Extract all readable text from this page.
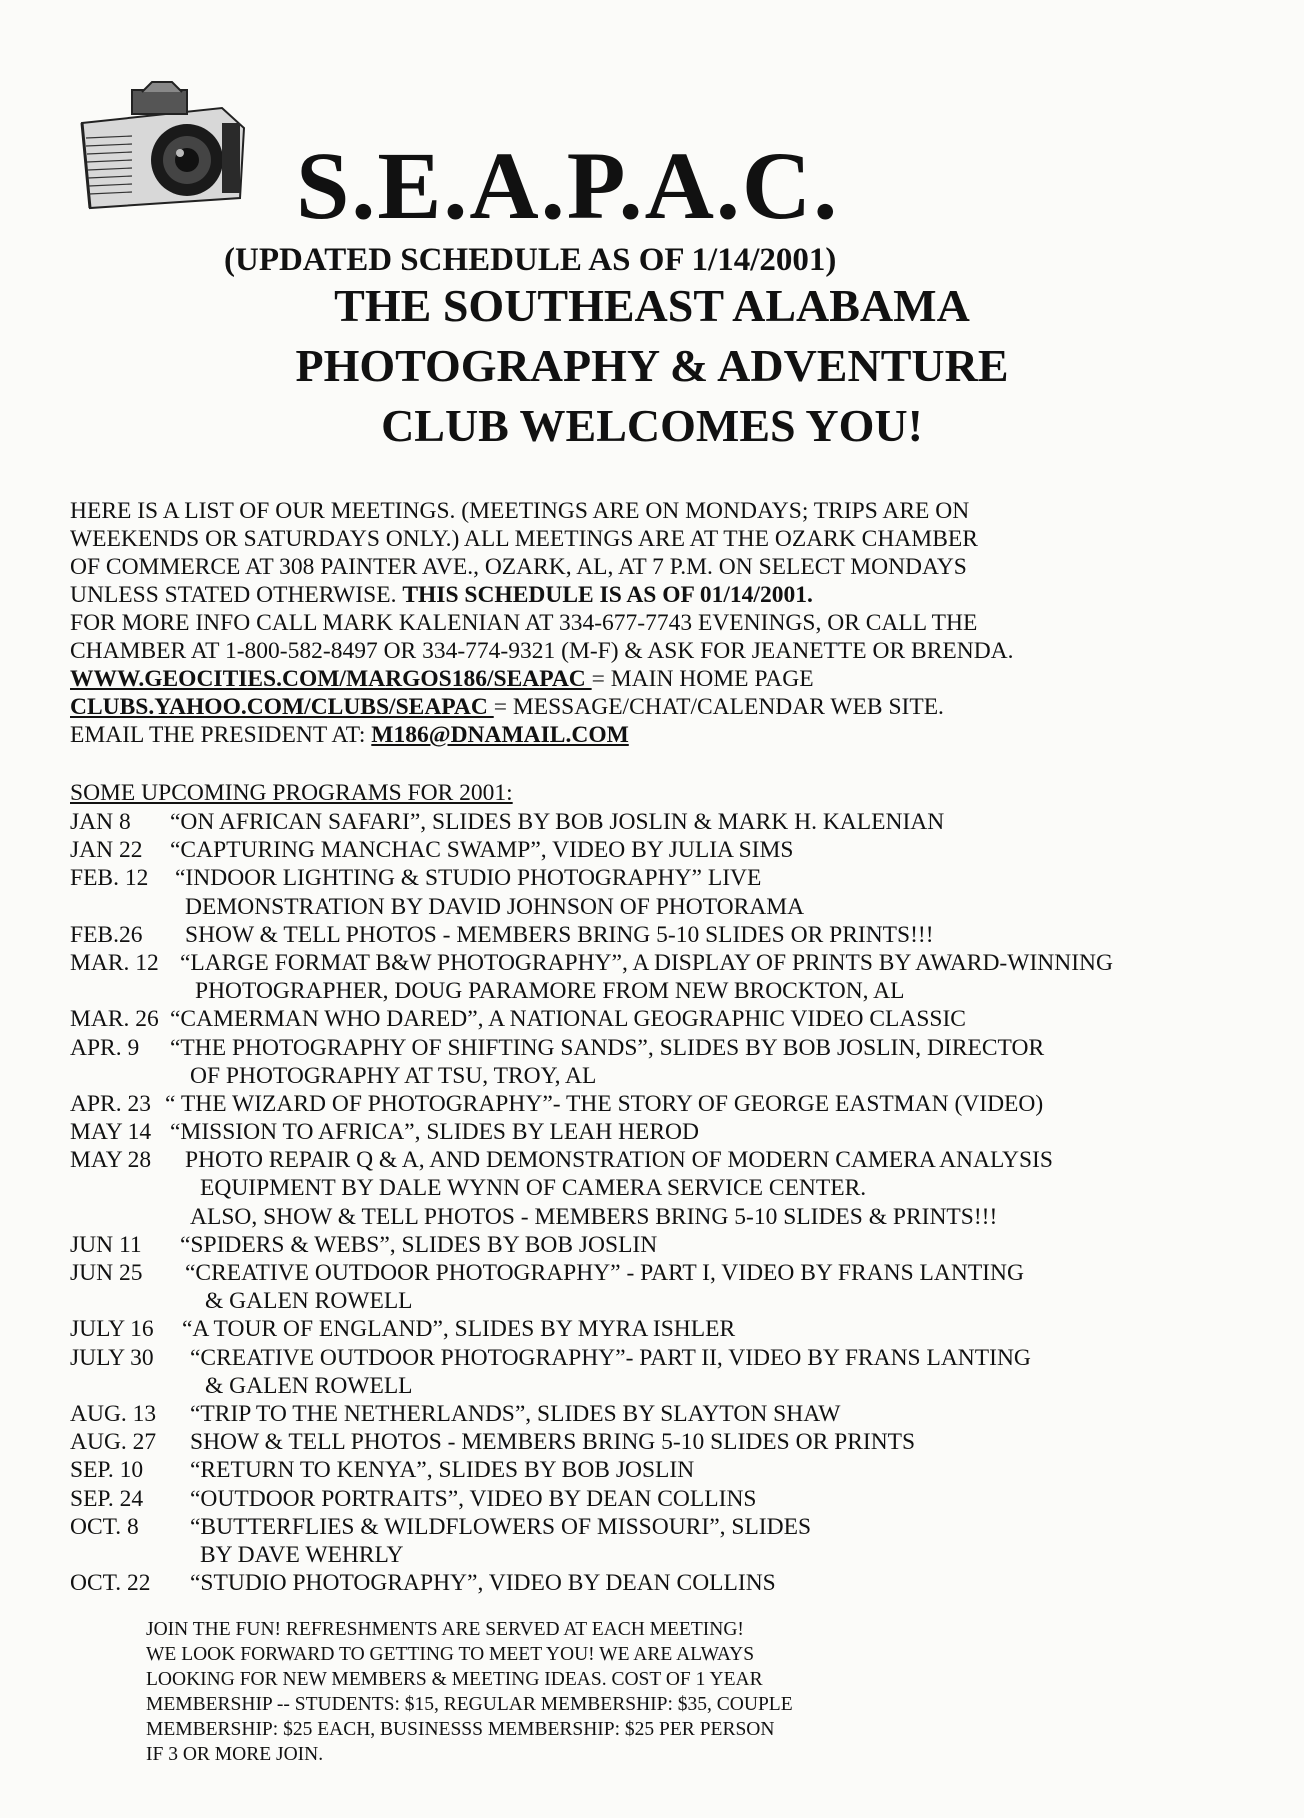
S.E.A.P.A.C.
(UPDATED SCHEDULE AS OF 1/14/2001)
THE SOUTHEAST ALABAMA
PHOTOGRAPHY & ADVENTURE
CLUB WELCOMES YOU!
HERE IS A LIST OF OUR MEETINGS. (MEETINGS ARE ON MONDAYS; TRIPS ARE ON
WEEKENDS OR SATURDAYS ONLY.) ALL MEETINGS ARE AT THE OZARK CHAMBER
OF COMMERCE AT 308 PAINTER AVE., OZARK, AL, AT 7 P.M. ON SELECT MONDAYS
UNLESS STATED OTHERWISE. THIS SCHEDULE IS AS OF 01/14/2001.
FOR MORE INFO CALL MARK KALENIAN AT 334-677-7743 EVENINGS, OR CALL THE
CHAMBER AT 1-800-582-8497 OR 334-774-9321 (M-F) & ASK FOR JEANETTE OR BRENDA.
WWW.GEOCITIES.COM/MARGOS186/SEAPAC = MAIN HOME PAGE
CLUBS.YAHOO.COM/CLUBS/SEAPAC = MESSAGE/CHAT/CALENDAR WEB SITE.
EMAIL THE PRESIDENT AT: M186@DNAMAIL.COM
SOME UPCOMING PROGRAMS FOR 2001:
JAN 8 “ON AFRICAN SAFARI”, SLIDES BY BOB JOSLIN & MARK H. KALENIAN
JAN 22 “CAPTURING MANCHAC SWAMP”, VIDEO BY JULIA SIMS
FEB. 12 “INDOOR LIGHTING & STUDIO PHOTOGRAPHY” LIVE
DEMONSTRATION BY DAVID JOHNSON OF PHOTORAMA
FEB.26 SHOW & TELL PHOTOS - MEMBERS BRING 5-10 SLIDES OR PRINTS!!!
MAR. 12 “LARGE FORMAT B&W PHOTOGRAPHY”, A DISPLAY OF PRINTS BY AWARD-WINNING
PHOTOGRAPHER, DOUG PARAMORE FROM NEW BROCKTON, AL
MAR. 26 “CAMERMAN WHO DARED”, A NATIONAL GEOGRAPHIC VIDEO CLASSIC
APR. 9 “THE PHOTOGRAPHY OF SHIFTING SANDS”, SLIDES BY BOB JOSLIN, DIRECTOR
OF PHOTOGRAPHY AT TSU, TROY, AL
APR. 23 “ THE WIZARD OF PHOTOGRAPHY”- THE STORY OF GEORGE EASTMAN (VIDEO)
MAY 14 “MISSION TO AFRICA”, SLIDES BY LEAH HEROD
MAY 28 PHOTO REPAIR Q & A, AND DEMONSTRATION OF MODERN CAMERA ANALYSIS
EQUIPMENT BY DALE WYNN OF CAMERA SERVICE CENTER.
ALSO, SHOW & TELL PHOTOS - MEMBERS BRING 5-10 SLIDES & PRINTS!!!
JUN 11 “SPIDERS & WEBS”, SLIDES BY BOB JOSLIN
JUN 25 “CREATIVE OUTDOOR PHOTOGRAPHY” - PART I, VIDEO BY FRANS LANTING
& GALEN ROWELL
JULY 16 “A TOUR OF ENGLAND”, SLIDES BY MYRA ISHLER
JULY 30 “CREATIVE OUTDOOR PHOTOGRAPHY”- PART II, VIDEO BY FRANS LANTING
& GALEN ROWELL
AUG. 13 “TRIP TO THE NETHERLANDS”, SLIDES BY SLAYTON SHAW
AUG. 27 SHOW & TELL PHOTOS - MEMBERS BRING 5-10 SLIDES OR PRINTS
SEP. 10 “RETURN TO KENYA”, SLIDES BY BOB JOSLIN
SEP. 24 “OUTDOOR PORTRAITS”, VIDEO BY DEAN COLLINS
OCT. 8 “BUTTERFLIES & WILDFLOWERS OF MISSOURI”, SLIDES
BY DAVE WEHRLY
OCT. 22 “STUDIO PHOTOGRAPHY”, VIDEO BY DEAN COLLINS
JOIN THE FUN! REFRESHMENTS ARE SERVED AT EACH MEETING!
WE LOOK FORWARD TO GETTING TO MEET YOU! WE ARE ALWAYS
LOOKING FOR NEW MEMBERS & MEETING IDEAS. COST OF 1 YEAR
MEMBERSHIP -- STUDENTS: $15, REGULAR MEMBERSHIP: $35, COUPLE
MEMBERSHIP: $25 EACH, BUSINESSS MEMBERSHIP: $25 PER PERSON
IF 3 OR MORE JOIN.
